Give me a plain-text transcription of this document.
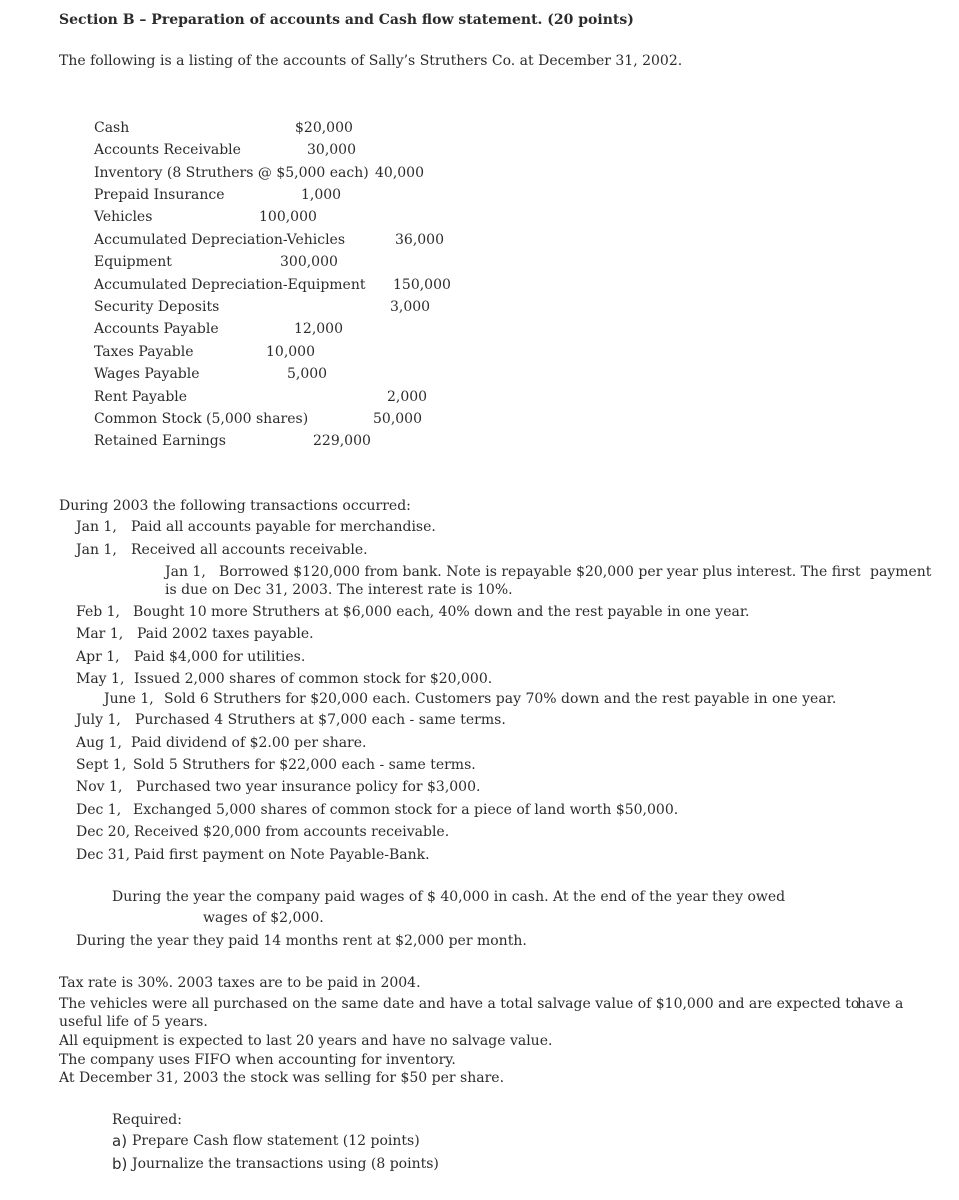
Section B – Preparation of accounts and Cash flow statement. (20 points)
The following is a listing of the accounts of Sally’s Struthers Co. at December 31, 2002.
Cash	$20,000
Accounts Receivable	30,000
Inventory (8 Struthers @ $5,000 each) 40,000
Prepaid Insurance	1,000
Vehicles	100,000
Accumulated Depreciation-Vehicles	36,000
Equipment	300,000
Accumulated Depreciation-Equipment 150,000
Security Deposits	3,000
Accounts Payable	12,000
Taxes Payable	10,000
Wages Payable	5,000
Rent Payable	2,000
Common Stock (5,000 shares)	50,000
Retained Earnings	229,000
During 2003 the following transactions occurred:
Jan 1, Paid all accounts payable for merchandise.
Jan 1, Received all accounts receivable.
Jan 1, Borrowed $120,000 from bank. Note is repayable $20,000 per year plus interest. The first payment
is due on Dec 31, 2003. The interest rate is 10%.
Feb 1, Bought 10 more Struthers at $6,000 each, 40% down and the rest payable in one year.
Mar 1, Paid 2002 taxes payable.
Apr 1, Paid $4,000 for utilities.
May 1, Issued 2,000 shares of common stock for $20,000.
June 1, Sold 6 Struthers for $20,000 each. Customers pay 70% down and the rest payable in one year.
July 1, Purchased 4 Struthers at $7,000 each - same terms.
Aug 1, Paid dividend of $2.00 per share.
Sept 1, Sold 5 Struthers for $22,000 each - same terms.
Nov 1, Purchased two year insurance policy for $3,000.
Dec 1, Exchanged 5,000 shares of common stock for a piece of land worth $50,000.
Dec 20, Received $20,000 from accounts receivable.
Dec 31, Paid first payment on Note Payable-Bank.
During the year the company paid wages of $ 40,000 in cash. At the end of the year they owed
wages of $2,000.
During the year they paid 14 months rent at $2,000 per month.
Tax rate is 30%. 2003 taxes are to be paid in 2004.
The vehicles were all purchased on the same date and have a total salvage value of $10,000 and are expected to
have a
useful life of 5 years.
All equipment is expected to last 20 years and have no salvage value.
The company uses FIFO when accounting for inventory.
At December 31, 2003 the stock was selling for $50 per share.
Required:
a) Prepare Cash flow statement (12 points)
b) Journalize the transactions using (8 points)
